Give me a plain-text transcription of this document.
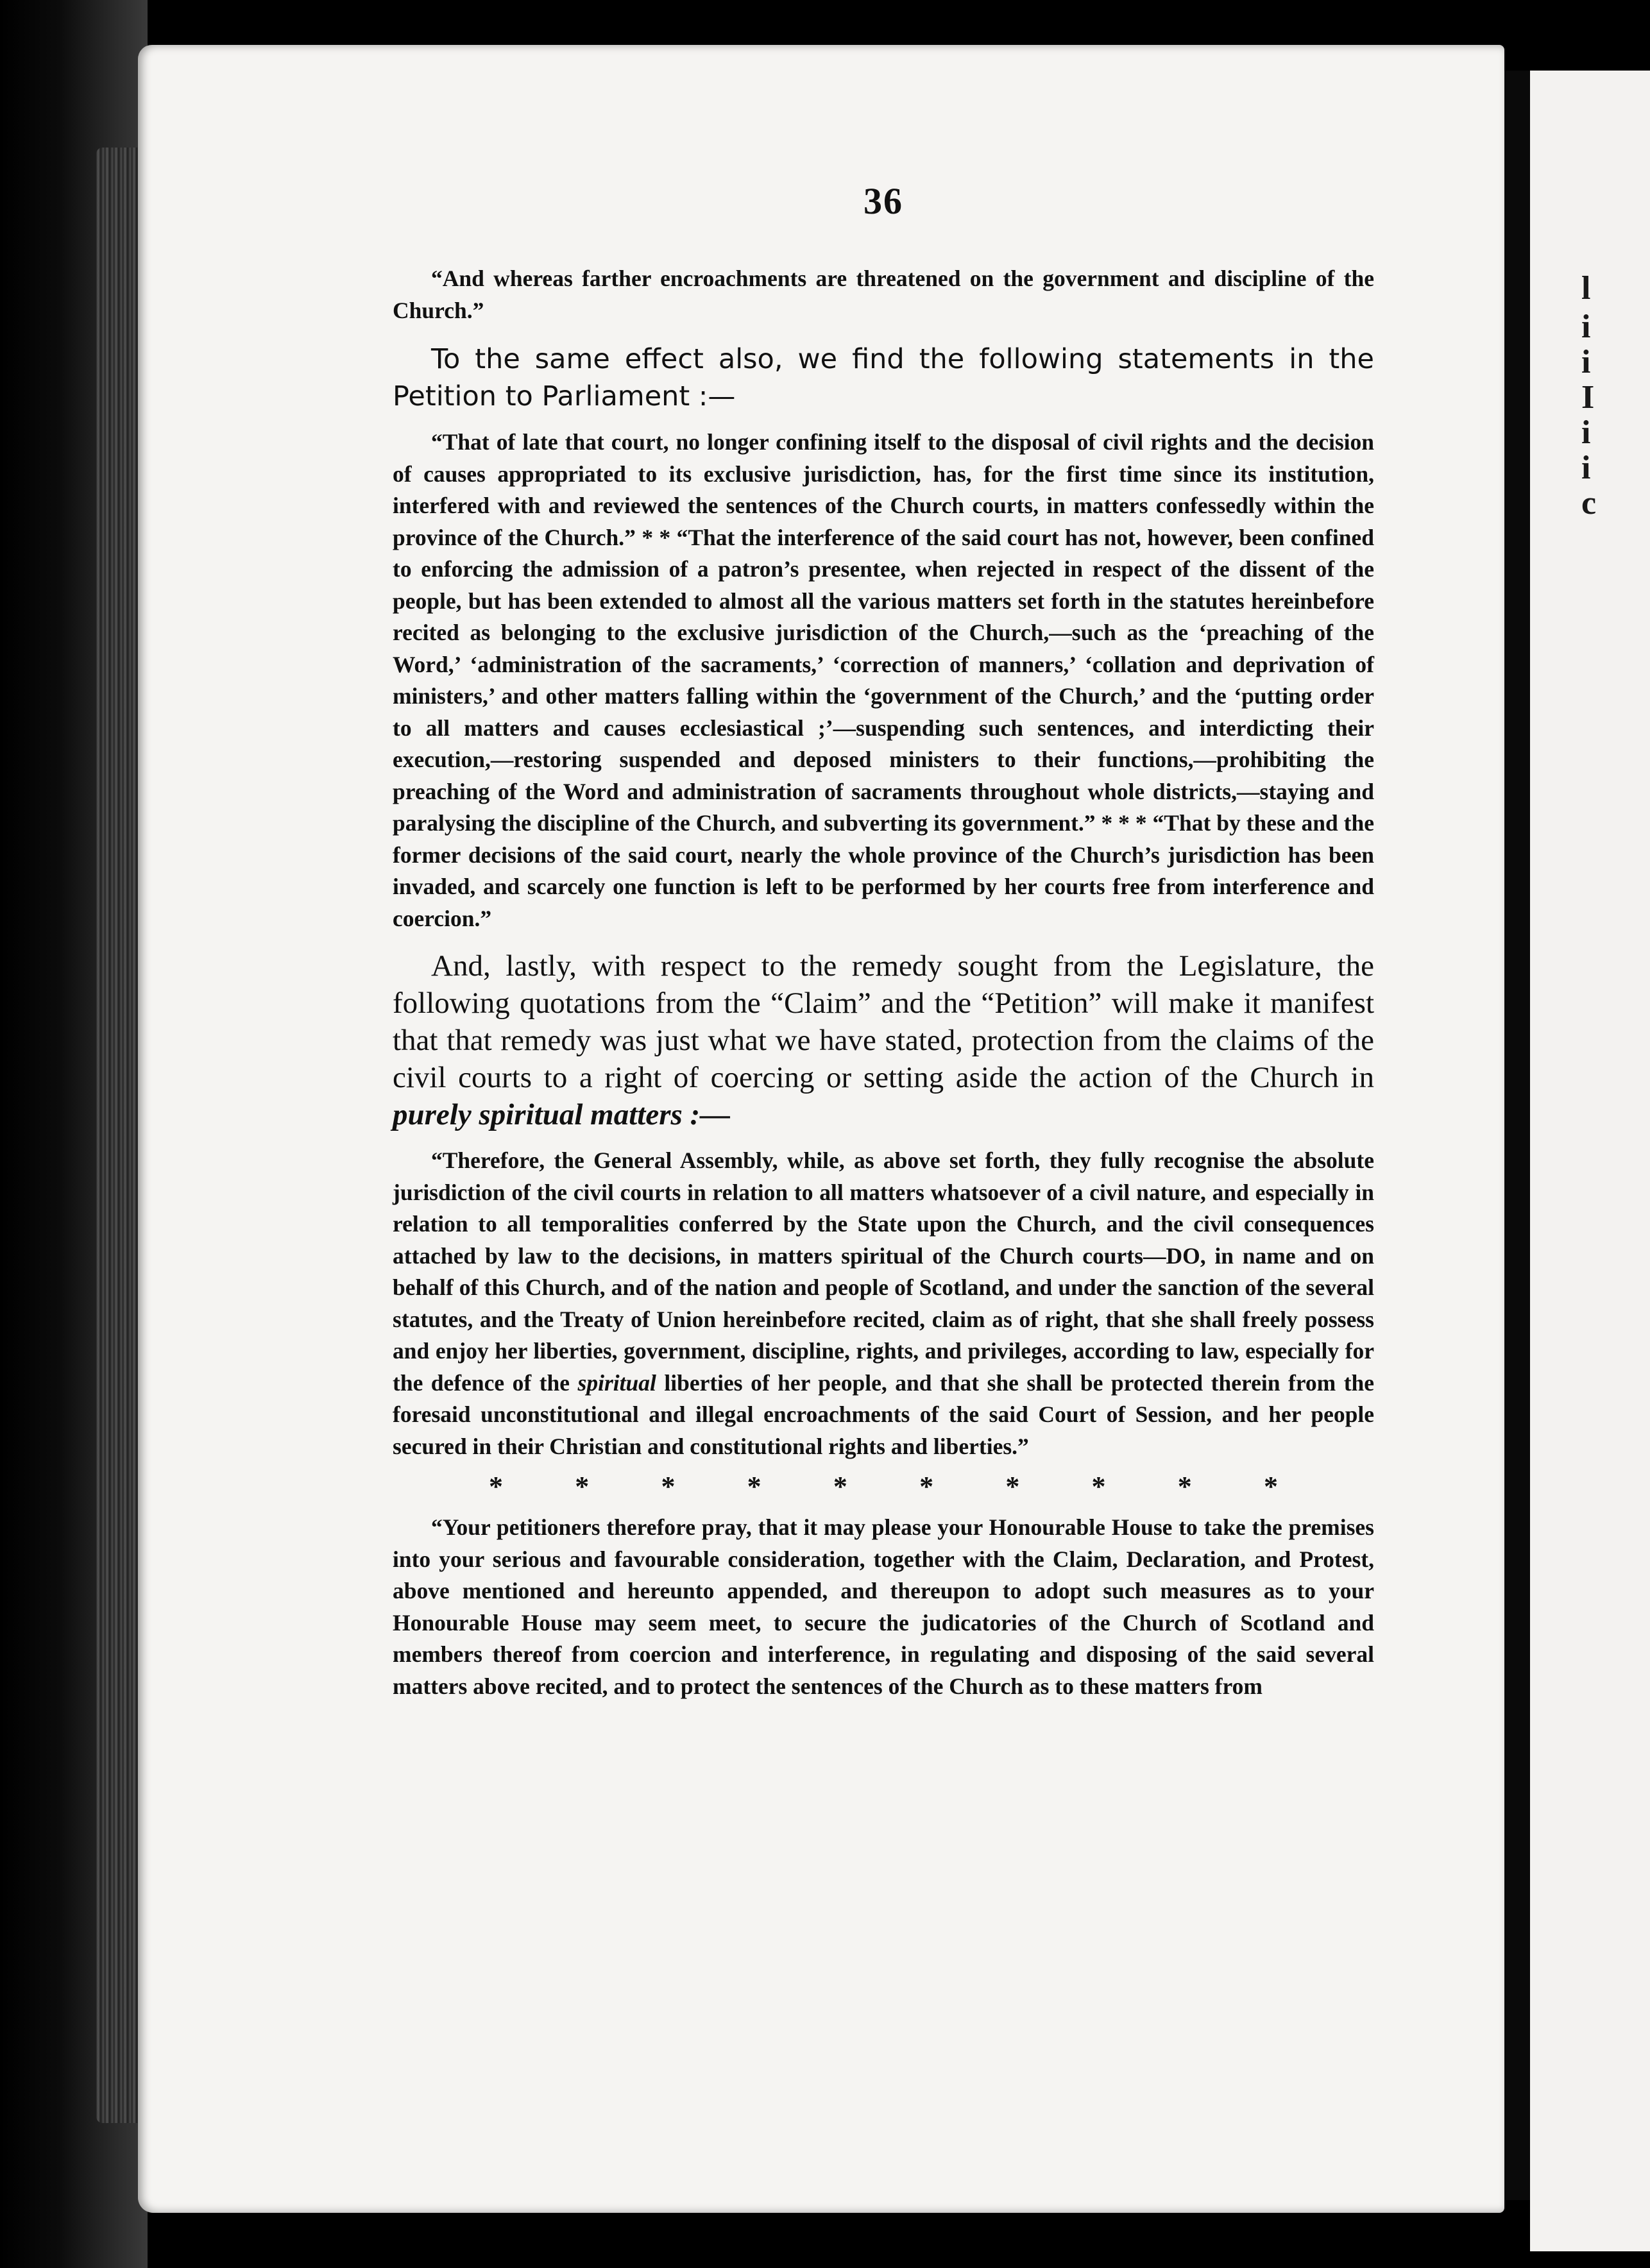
l
i
i
I
i
i
c
36

“And whereas farther encroachments are threatened on the government and discipline of the Church.”

To the same effect also, we find the following statements in the Petition to Parliament :—

“That of late that court, no longer confining itself to the disposal of civil rights and the decision of causes appropriated to its exclusive jurisdiction, has, for the first time since its institution, interfered with and reviewed the sentences of the Church courts, in matters confessedly within the province of the Church.” * * “That the interference of the said court has not, however, been confined to enforcing the admission of a patron’s presentee, when rejected in respect of the dissent of the people, but has been extended to almost all the various matters set forth in the statutes hereinbefore recited as belonging to the exclusive jurisdiction of the Church,—such as the ‘preaching of the Word,’ ‘administration of the sacraments,’ ‘correction of manners,’ ‘collation and deprivation of ministers,’ and other matters falling within the ‘government of the Church,’ and the ‘putting order to all matters and causes ecclesiastical ;’—suspending such sentences, and interdicting their execution,—restoring suspended and deposed ministers to their functions,—prohibiting the preaching of the Word and administration of sacraments throughout whole districts,—staying and paralysing the discipline of the Church, and subverting its government.” * * * “That by these and the former decisions of the said court, nearly the whole province of the Church’s jurisdiction has been invaded, and scarcely one function is left to be performed by her courts free from interference and coercion.”

And, lastly, with respect to the remedy sought from the Legislature, the following quotations from the “Claim” and the “Petition” will make it manifest that that remedy was just what we have stated, protection from the claims of the civil courts to a right of coercing or setting aside the action of the Church in purely spiritual matters :—

“Therefore, the General Assembly, while, as above set forth, they fully recognise the absolute jurisdiction of the civil courts in relation to all matters whatsoever of a civil nature, and especially in relation to all temporalities conferred by the State upon the Church, and the civil consequences attached by law to the decisions, in matters spiritual of the Church courts—DO, in name and on behalf of this Church, and of the nation and people of Scotland, and under the sanction of the several statutes, and the Treaty of Union hereinbefore recited, claim as of right, that she shall freely possess and enjoy her liberties, government, discipline, rights, and privileges, according to law, especially for the defence of the spiritual liberties of her people, and that she shall be protected therein from the foresaid unconstitutional and illegal encroachments of the said Court of Session, and her people secured in their Christian and constitutional rights and liberties.”

*	*	*	*	*	*	*	*	*	*

“Your petitioners therefore pray, that it may please your Honourable House to take the premises into your serious and favourable consideration, together with the Claim, Declaration, and Protest, above mentioned and hereunto appended, and thereupon to adopt such measures as to your Honourable House may seem meet, to secure the judicatories of the Church of Scotland and members thereof from coercion and interference, in regulating and disposing of the said several matters above recited, and to protect the sentences of the Church as to these matters from
